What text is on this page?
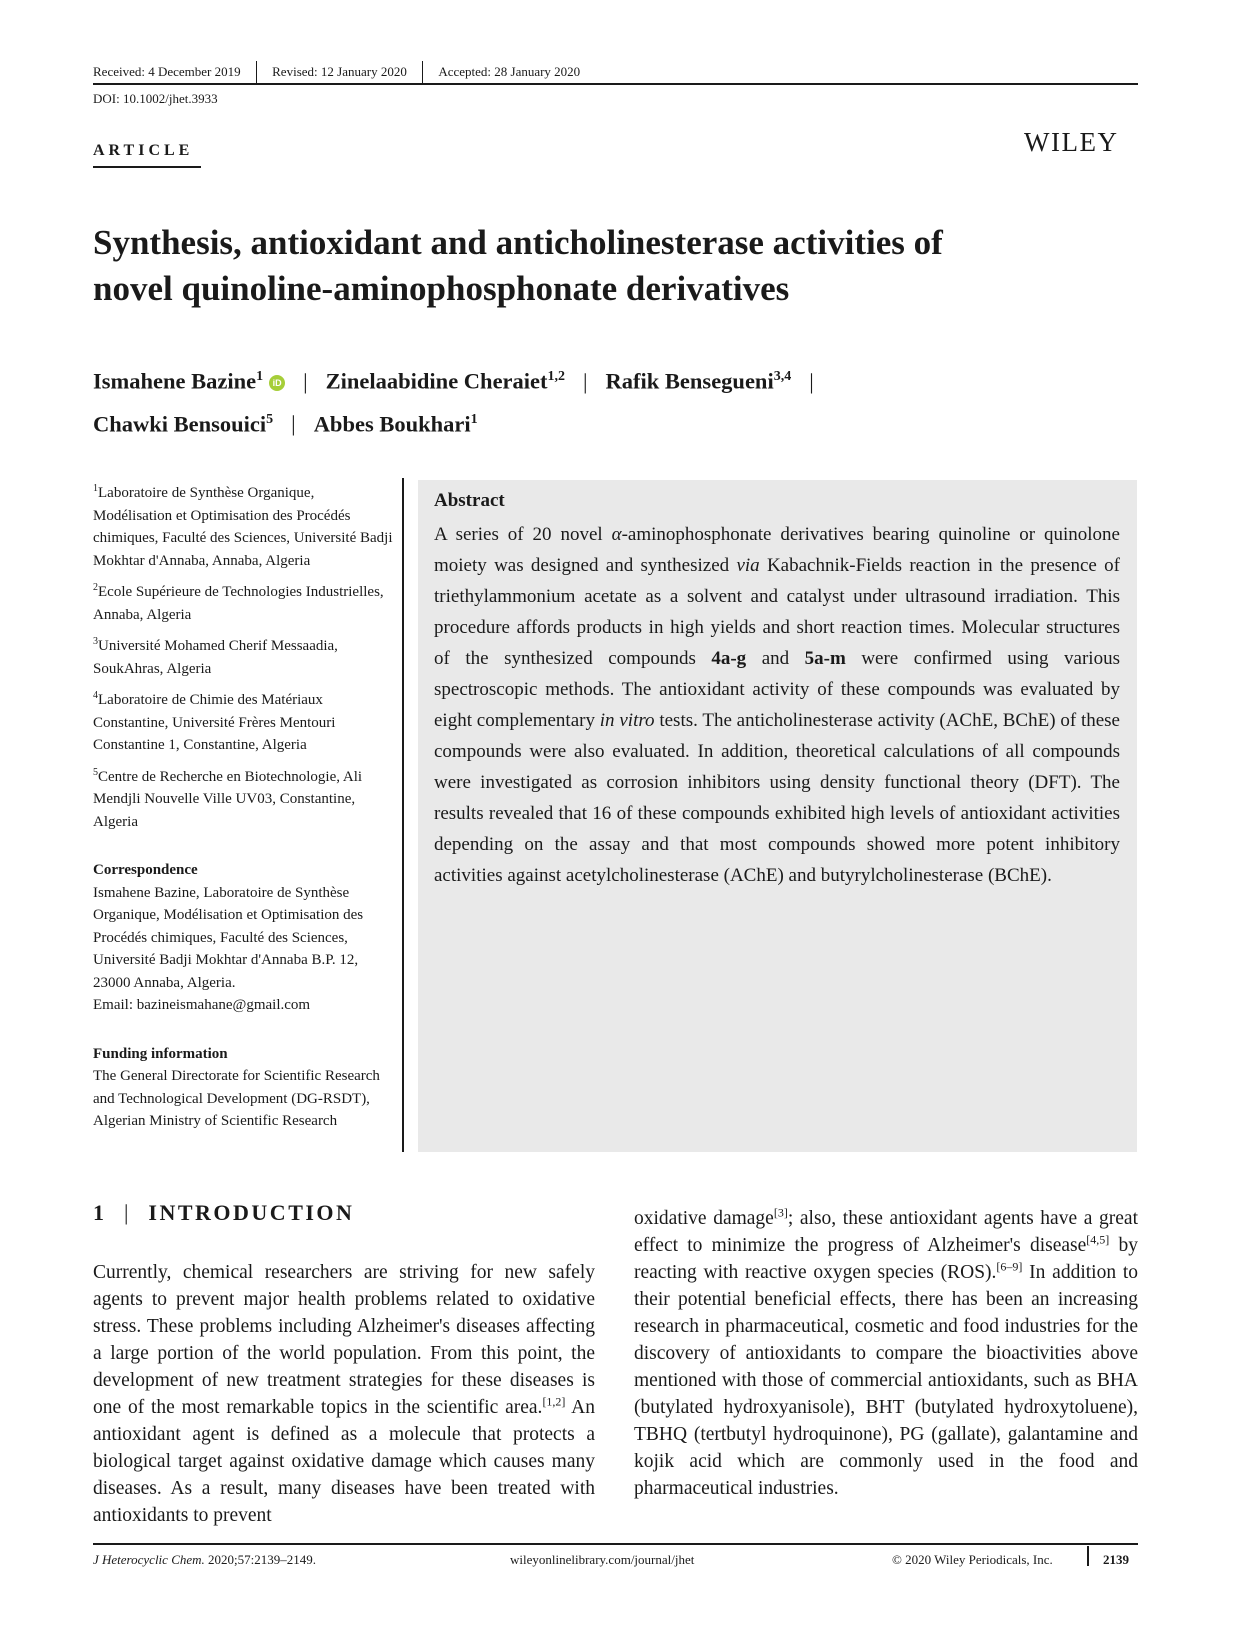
Received: 4 December 2019 Revised: 12 January 2020 Accepted: 28 January 2020
DOI: 10.1002/jhet.3933
ARTICLE	WILEY
Synthesis, antioxidant and anticholinesterase activities of
novel quinoline-aminophosphonate derivatives
Ismahene Bazine$^1$ iD | Zinelaabidine Cheraiet$^{1,2}$ | Rafik Bensegueni$^{3,4}$ |
Chawki Bensouici$^5$ | Abbes Boukhari$^1$

$^1$Laboratoire de Synthèse Organique, Modélisation et Optimisation des Procédés chimiques, Faculté des Sciences, Université Badji Mokhtar d'Annaba, Annaba, Algeria

$^2$Ecole Supérieure de Technologies Industrielles, Annaba, Algeria

$^3$Université Mohamed Cherif Messaadia, SoukAhras, Algeria

$^4$Laboratoire de Chimie des Matériaux Constantine, Université Frères Mentouri Constantine 1, Constantine, Algeria

$^5$Centre de Recherche en Biotechnologie, Ali Mendjli Nouvelle Ville UV03, Constantine, Algeria

Correspondence
Ismahene Bazine, Laboratoire de Synthèse Organique, Modélisation et Optimisation des Procédés chimiques, Faculté des Sciences, Université Badji Mokhtar d'Annaba B.P. 12, 23000 Annaba, Algeria.
Email: bazineismahane@gmail.com
Funding information
The General Directorate for Scientific Research and Technological Development (DG-RSDT), Algerian Ministry of Scientific Research
Abstract
A series of 20 novel α-aminophosphonate derivatives bearing quinoline or quinolone moiety was designed and synthesized via Kabachnik-Fields reaction in the presence of triethylammonium acetate as a solvent and catalyst under ultrasound irradiation. This procedure affords products in high yields and short reaction times. Molecular structures of the synthesized compounds 4a-g and 5a-m were confirmed using various spectroscopic methods. The antioxidant activity of these compounds was evaluated by eight complementary in vitro tests. The anticholinesterase activity (AChE, BChE) of these compounds were also evaluated. In addition, theoretical calculations of all compounds were investigated as corrosion inhibitors using density functional theory (DFT). The results revealed that 16 of these compounds exhibited high levels of antioxidant activities depending on the assay and that most compounds showed more potent inhibitory activities against acetylcholinesterase (AChE) and butyrylcholinesterase (BChE).
1 | INTRODUCTION
Currently, chemical researchers are striving for new safely agents to prevent major health problems related to oxidative stress. These problems including Alzheimer's diseases affecting a large portion of the world population. From this point, the development of new treatment strategies for these diseases is one of the most remarkable topics in the scientific area.[1,2] An antioxidant agent is defined as a molecule that protects a biological target against oxidative damage which causes many diseases. As a result, many diseases have been treated with antioxidants to prevent
oxidative damage[3]; also, these antioxidant agents have a great effect to minimize the progress of Alzheimer's disease[4,5] by reacting with reactive oxygen species (ROS).[6–9] In addition to their potential beneficial effects, there has been an increasing research in pharmaceutical, cosmetic and food industries for the discovery of antioxidants to compare the bioactivities above mentioned with those of commercial antioxidants, such as BHA (butylated hydroxyanisole), BHT (butylated hydroxytoluene), TBHQ (tertbutyl hydroquinone), PG (gallate), galantamine and kojik acid which are commonly used in the food and pharmaceutical industries.
J Heterocyclic Chem. 2020;57:2139–2149.	wileyonlinelibrary.com/journal/jhet	© 2020 Wiley Periodicals, Inc.	2139
